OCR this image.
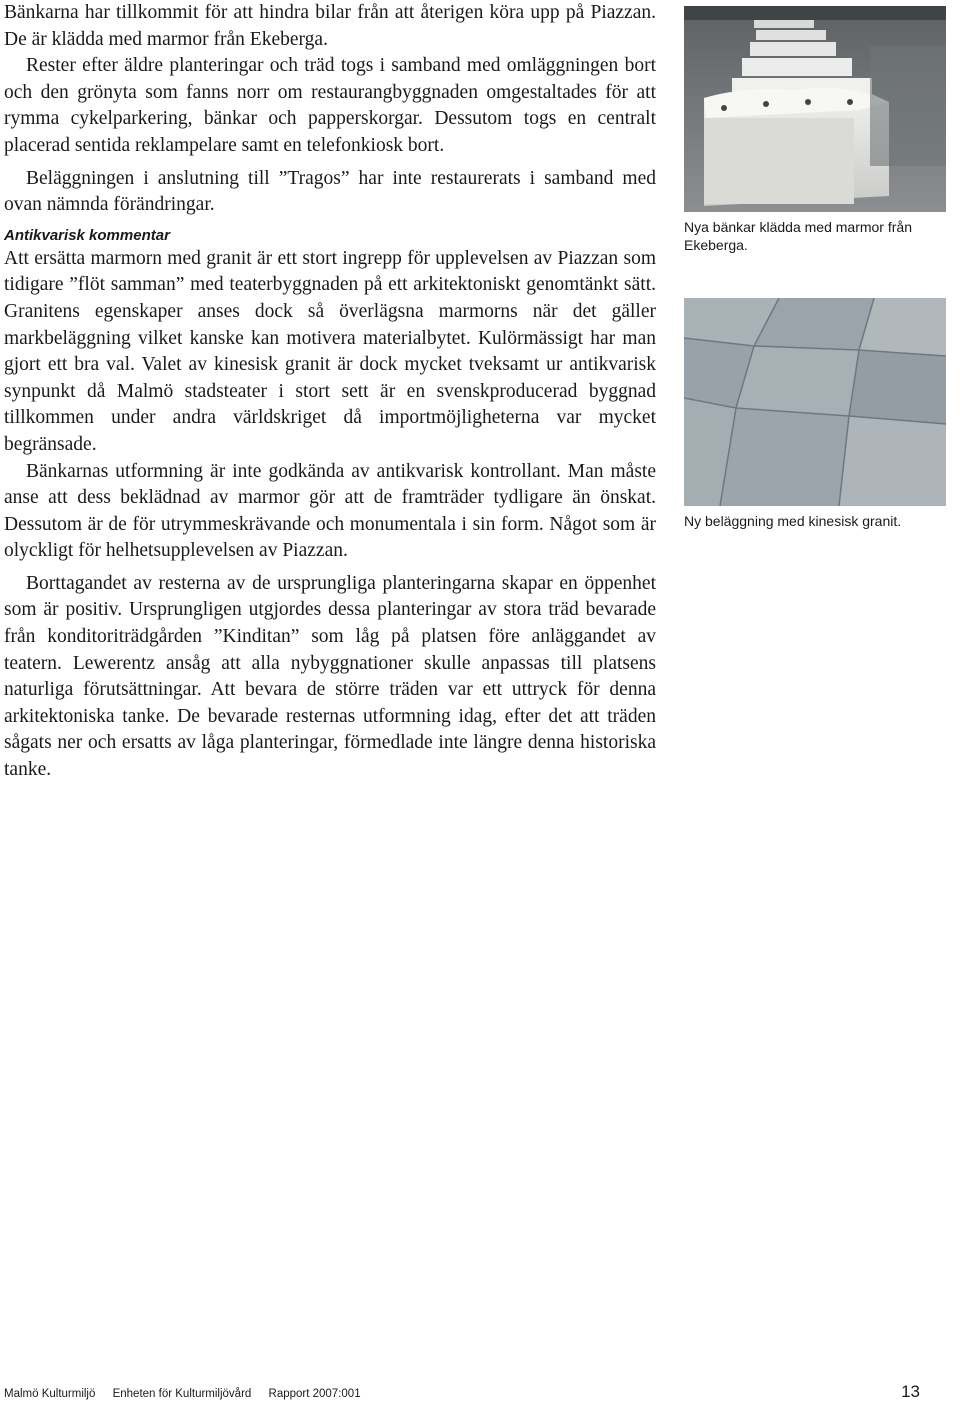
Bänkarna har tillkommit för att hindra bilar från att återigen köra upp på Piazzan. De är klädda med marmor från Ekeberga.

Rester efter äldre planteringar och träd togs i samband med omläggningen bort och den grönyta som fanns norr om restaurangbyggnaden omgestaltades för att rymma cykelparkering, bänkar och papperskorgar. Dessutom togs en centralt placerad sentida reklampelare samt en telefonkiosk bort.

Beläggningen i anslutning till ”Tragos” har inte restaurerats i samband med ovan nämnda förändringar.

Antikvarisk kommentar

Att ersätta marmorn med granit är ett stort ingrepp för upplevelsen av Piazzan som tidigare ”flöt samman” med teaterbyggnaden på ett arkitektoniskt genomtänkt sätt. Granitens egenskaper anses dock så överlägsna marmorns när det gäller markbeläggning vilket kanske kan motivera materialbytet. Kulörmässigt har man gjort ett bra val. Valet av kinesisk granit är dock mycket tveksamt ur antikvarisk synpunkt då Malmö stadsteater i stort sett är en svenskproducerad byggnad tillkommen under andra världskriget då importmöjligheterna var mycket begränsade.

Bänkarnas utformning är inte godkända av antikvarisk kontrollant. Man måste anse att dess beklädnad av marmor gör att de framträder tydligare än önskat. Dessutom är de för utrymmeskrävande och monumentala i sin form. Något som är olyckligt för helhetsupplevelsen av Piazzan.

Borttagandet av resterna av de ursprungliga planteringarna skapar en öppenhet som är positiv. Ursprungligen utgjordes dessa planteringar av stora träd bevarade från konditoriträdgården ”Kinditan” som låg på platsen före anläggandet av teatern. Lewerentz ansåg att alla nybyggnationer skulle anpassas till platsens naturliga förutsättningar. Att bevara de större träden var ett uttryck för denna arkitektoniska tanke. De bevarade resternas utformning idag, efter det att träden sågats ner och ersatts av låga planteringar, förmedlade inte längre denna historiska tanke.

Nya bänkar klädda med marmor från Ekeberga.
Ny beläggning med kinesisk granit.
Malmö Kulturmiljö Enheten för Kulturmiljövård Rapport 2007:001	13
